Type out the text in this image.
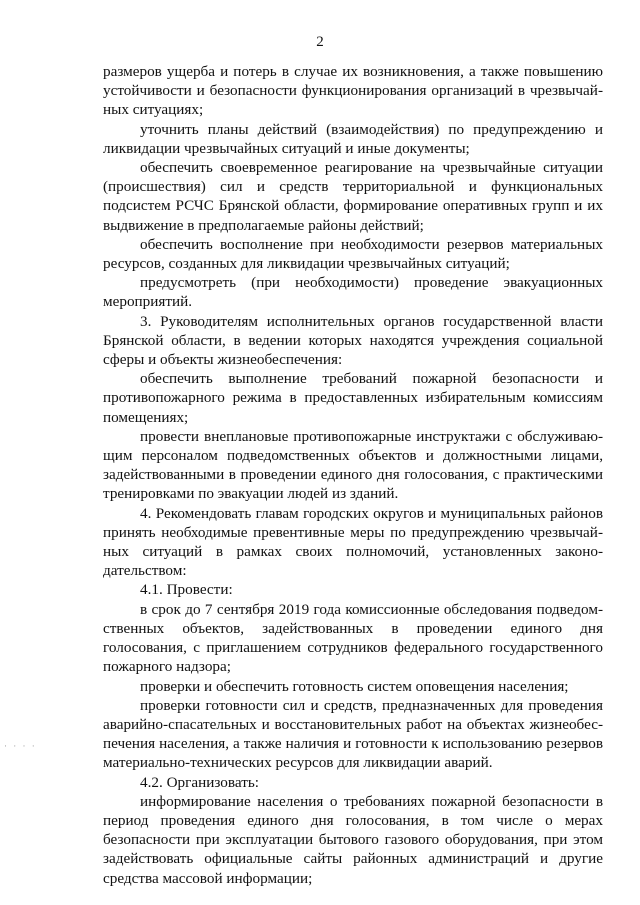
2

размеров ущерба и потерь в случае их возникновения, а также повышению устойчивости и безопасности функционирования организаций в чрезвычайных ситуациях;

уточнить планы действий (взаимодействия) по предупреждению и ликвидации чрезвычайных ситуаций и иные документы;

обеспечить своевременное реагирование на чрезвычайные ситуации (происшествия) сил и средств территориальной и функциональных подсистем РСЧС Брянской области, формирование оперативных групп и их выдвижение в предполагаемые районы действий;

обеспечить восполнение при необходимости резервов материальных ресурсов, созданных для ликвидации чрезвычайных ситуаций;

предусмотреть (при необходимости) проведение эвакуационных мероприятий.

3. Руководителям исполнительных органов государственной власти Брянской области, в ведении которых находятся учреждения социальной сферы и объекты жизнеобеспечения:

обеспечить выполнение требований пожарной безопасности и противопожарного режима в предоставленных избирательным комиссиям помещениях;

провести внеплановые противопожарные инструктажи с обслуживающим персоналом подведомственных объектов и должностными лицами, задействованными в проведении единого дня голосования, с практическими тренировками по эвакуации людей из зданий.

4. Рекомендовать главам городских округов и муниципальных районов принять необходимые превентивные меры по предупреждению чрезвычайных ситуаций в рамках своих полномочий, установленных законодательством:

4.1. Провести:

в срок до 7 сентября 2019 года комиссионные обследования подведомственных объектов, задействованных в проведении единого дня голосования, с приглашением сотрудников федерального государственного пожарного надзора;

проверки и обеспечить готовность систем оповещения населения;

проверки готовности сил и средств, предназначенных для проведения аварийно-спасательных и восстановительных работ на объектах жизнеобеспечения населения, а также наличия и готовности к использованию резервов материально-технических ресурсов для ликвидации аварий.

4.2. Организовать:

информирование населения о требованиях пожарной безопасности в период проведения единого дня голосования, в том числе о мерах безопасности при эксплуатации бытового газового оборудования, при этом задействовать официальные сайты районных администраций и другие средства массовой информации;

· · · ·
